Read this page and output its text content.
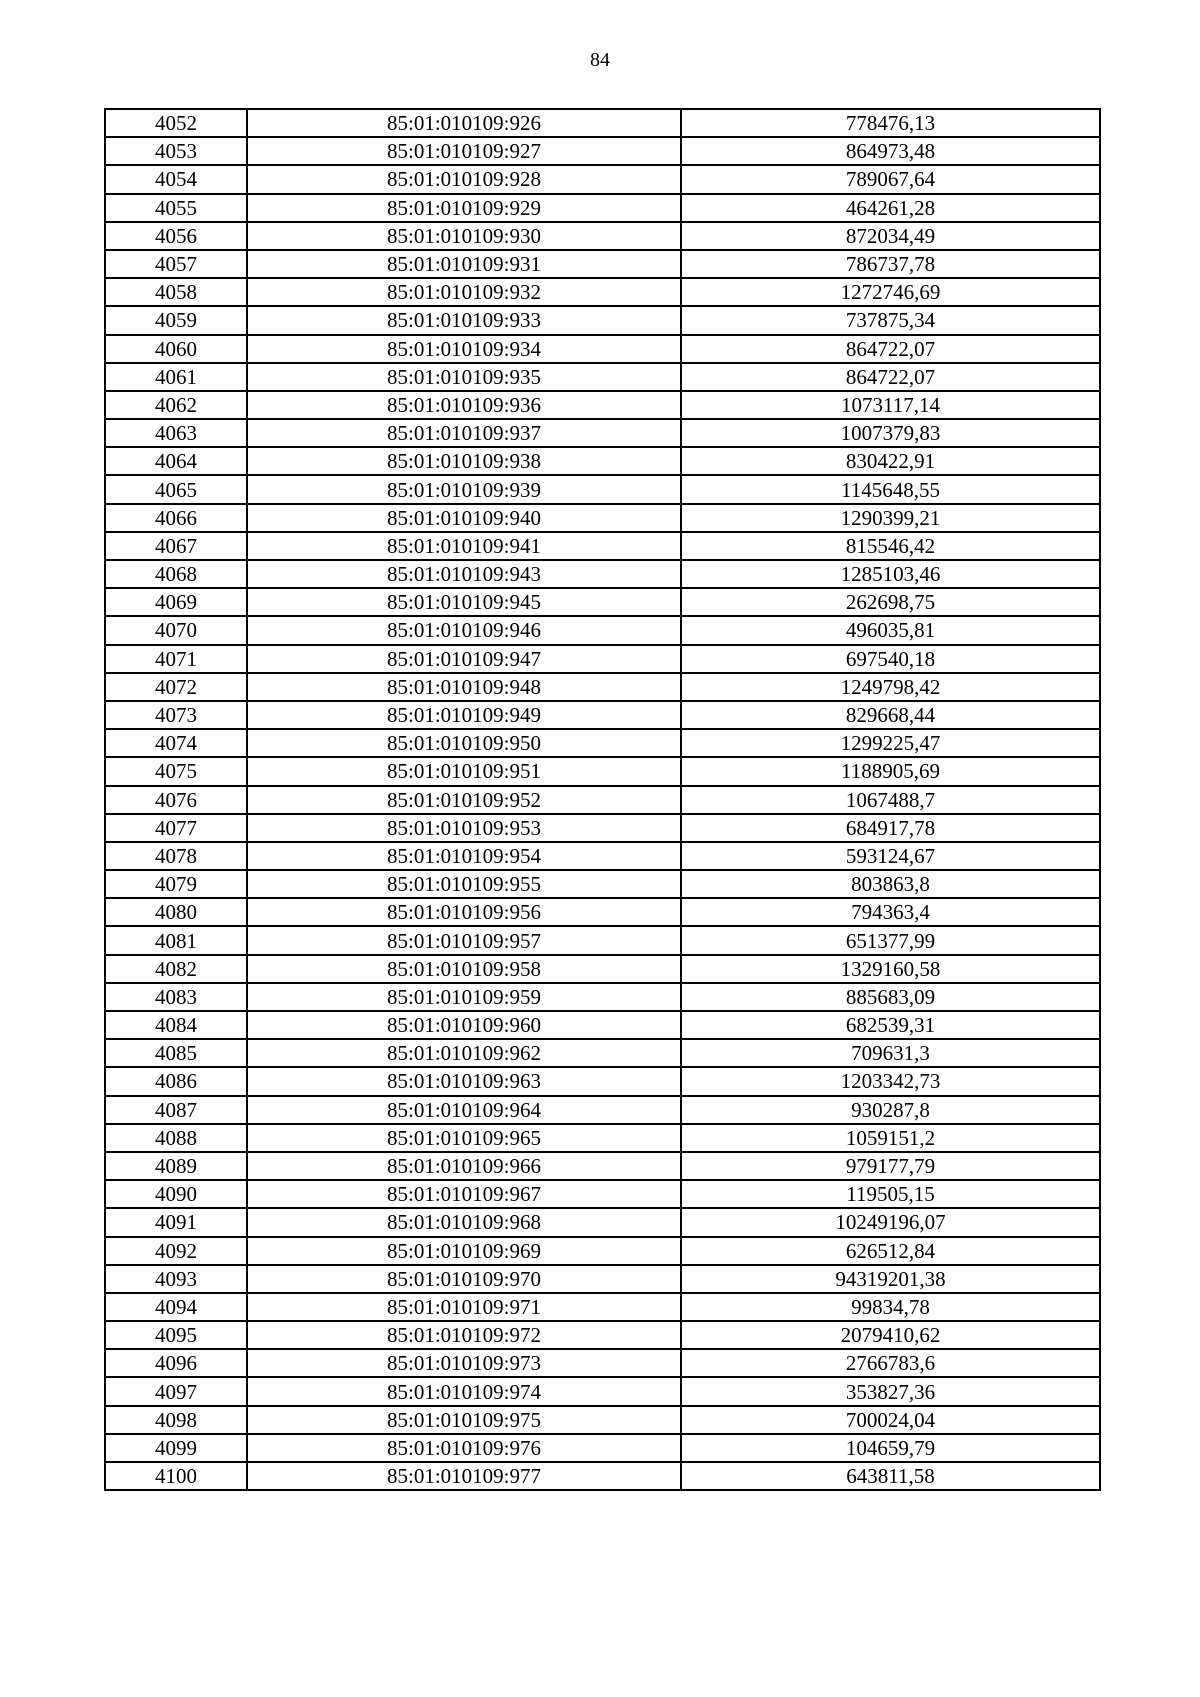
84
4052	85:01:010109:926	778476,13
4053	85:01:010109:927	864973,48
4054	85:01:010109:928	789067,64
4055	85:01:010109:929	464261,28
4056	85:01:010109:930	872034,49
4057	85:01:010109:931	786737,78
4058	85:01:010109:932	1272746,69
4059	85:01:010109:933	737875,34
4060	85:01:010109:934	864722,07
4061	85:01:010109:935	864722,07
4062	85:01:010109:936	1073117,14
4063	85:01:010109:937	1007379,83
4064	85:01:010109:938	830422,91
4065	85:01:010109:939	1145648,55
4066	85:01:010109:940	1290399,21
4067	85:01:010109:941	815546,42
4068	85:01:010109:943	1285103,46
4069	85:01:010109:945	262698,75
4070	85:01:010109:946	496035,81
4071	85:01:010109:947	697540,18
4072	85:01:010109:948	1249798,42
4073	85:01:010109:949	829668,44
4074	85:01:010109:950	1299225,47
4075	85:01:010109:951	1188905,69
4076	85:01:010109:952	1067488,7
4077	85:01:010109:953	684917,78
4078	85:01:010109:954	593124,67
4079	85:01:010109:955	803863,8
4080	85:01:010109:956	794363,4
4081	85:01:010109:957	651377,99
4082	85:01:010109:958	1329160,58
4083	85:01:010109:959	885683,09
4084	85:01:010109:960	682539,31
4085	85:01:010109:962	709631,3
4086	85:01:010109:963	1203342,73
4087	85:01:010109:964	930287,8
4088	85:01:010109:965	1059151,2
4089	85:01:010109:966	979177,79
4090	85:01:010109:967	119505,15
4091	85:01:010109:968	10249196,07
4092	85:01:010109:969	626512,84
4093	85:01:010109:970	94319201,38
4094	85:01:010109:971	99834,78
4095	85:01:010109:972	2079410,62
4096	85:01:010109:973	2766783,6
4097	85:01:010109:974	353827,36
4098	85:01:010109:975	700024,04
4099	85:01:010109:976	104659,79
4100	85:01:010109:977	643811,58
